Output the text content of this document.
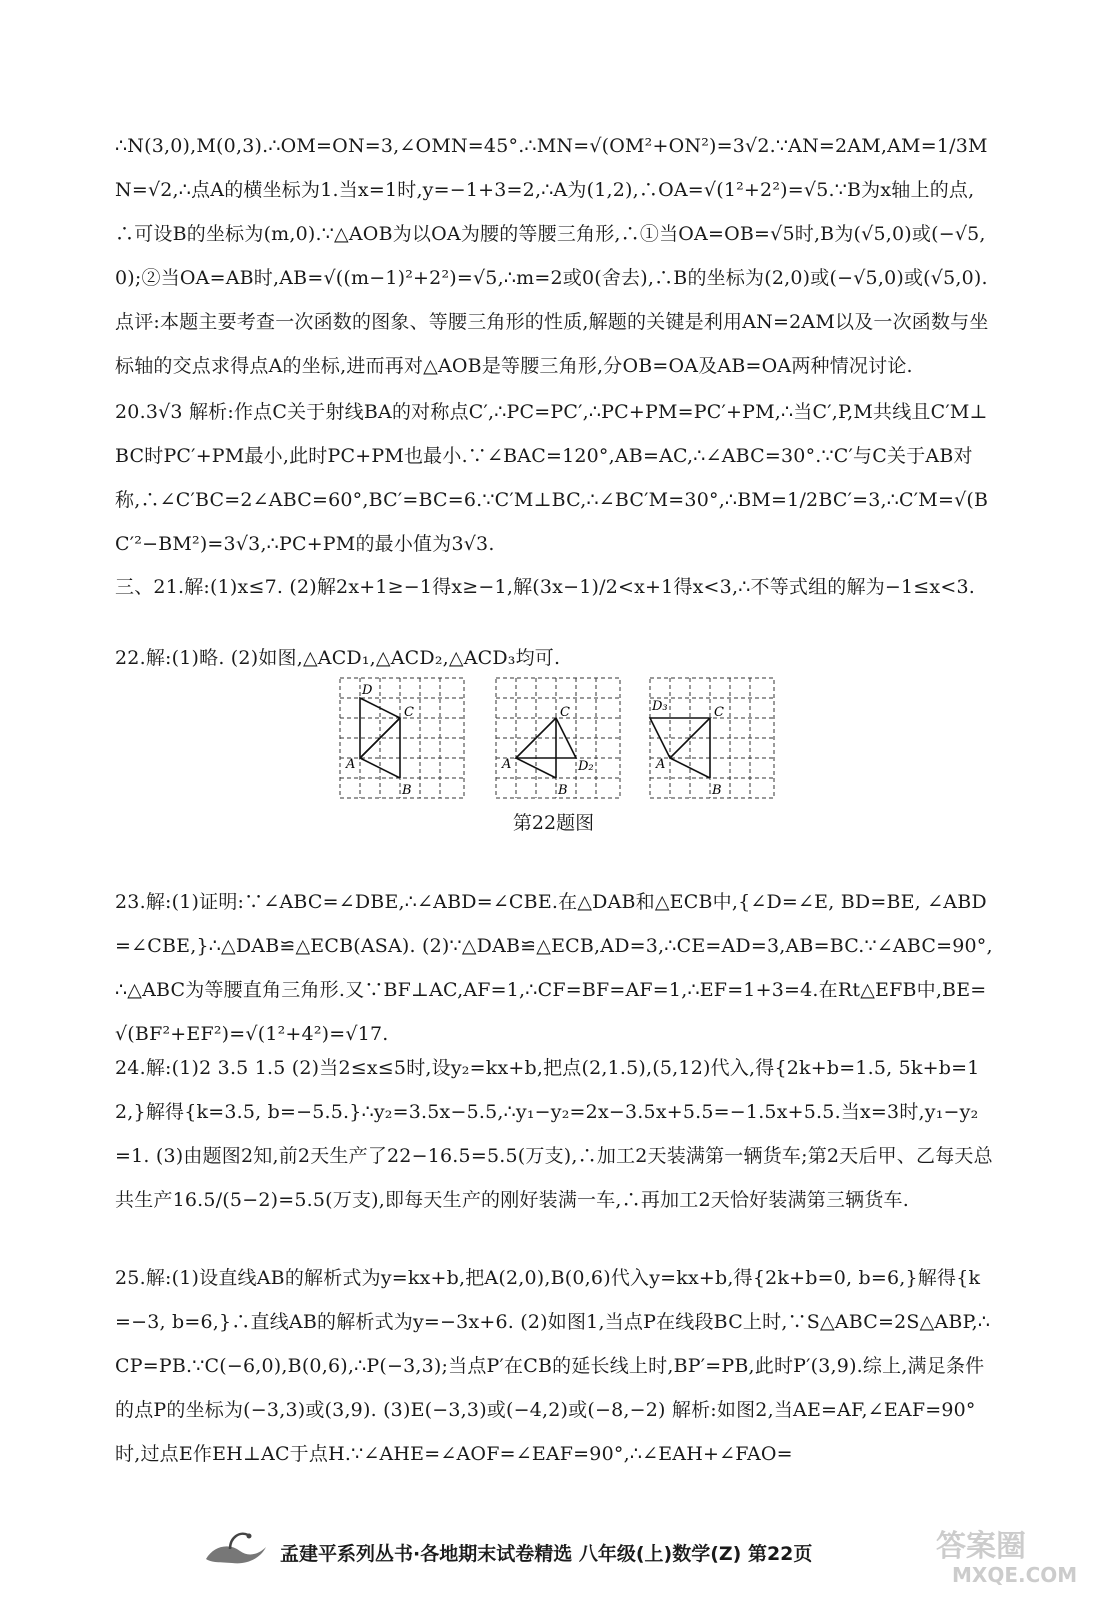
∴N(3,0),M(0,3).∴OM=ON=3,∠OMN=45°.∴MN=√(OM²+ON²)=3√2.∵AN=2AM,AM=1/3MN=√2,∴点A的横坐标为1.当x=1时,y=−1+3=2,∴A为(1,2),∴OA=√(1²+2²)=√5.∵B为x轴上的点,∴可设B的坐标为(m,0).∵△AOB为以OA为腰的等腰三角形,∴①当OA=OB=√5时,B为(√5,0)或(−√5,0);②当OA=AB时,AB=√((m−1)²+2²)=√5,∴m=2或0(舍去),∴B的坐标为(2,0)或(−√5,0)或(√5,0).点评:本题主要考查一次函数的图象、等腰三角形的性质,解题的关键是利用AN=2AM以及一次函数与坐标轴的交点求得点A的坐标,进而再对△AOB是等腰三角形,分OB=OA及AB=OA两种情况讨论.

20.3√3 解析:作点C关于射线BA的对称点C′,∴PC=PC′,∴PC+PM=PC′+PM,∴当C′,P,M共线且C′M⊥BC时PC′+PM最小,此时PC+PM也最小.∵∠BAC=120°,AB=AC,∴∠ABC=30°.∵C′与C关于AB对称,∴∠C′BC=2∠ABC=60°,BC′=BC=6.∵C′M⊥BC,∴∠BC′M=30°,∴BM=1/2BC′=3,∴C′M=√(BC′²−BM²)=3√3,∴PC+PM的最小值为3√3.

三、21.解:(1)x≤7. (2)解2x+1≥−1得x≥−1,解(3x−1)/2<x+1得x<3,∴不等式组的解为−1≤x<3.

22.解:(1)略. (2)如图,△ACD₁,△ACD₂,△ACD₃均可.

D
C
A
B
C
A	D₂
B
D₃	C
A
B
第22题图

23.解:(1)证明:∵∠ABC=∠DBE,∴∠ABD=∠CBE.在△DAB和△ECB中,{∠D=∠E, BD=BE, ∠ABD=∠CBE,}∴△DAB≌△ECB(ASA). (2)∵△DAB≌△ECB,AD=3,∴CE=AD=3,AB=BC.∵∠ABC=90°,∴△ABC为等腰直角三角形.又∵BF⊥AC,AF=1,∴CF=BF=AF=1,∴EF=1+3=4.在Rt△EFB中,BE=√(BF²+EF²)=√(1²+4²)=√17.

24.解:(1)2 3.5 1.5 (2)当2≤x≤5时,设y₂=kx+b,把点(2,1.5),(5,12)代入,得{2k+b=1.5, 5k+b=12,}解得{k=3.5, b=−5.5.}∴y₂=3.5x−5.5,∴y₁−y₂=2x−3.5x+5.5=−1.5x+5.5.当x=3时,y₁−y₂=1. (3)由题图2知,前2天生产了22−16.5=5.5(万支),∴加工2天装满第一辆货车;第2天后甲、乙每天总共生产16.5/(5−2)=5.5(万支),即每天生产的刚好装满一车,∴再加工2天恰好装满第三辆货车.

25.解:(1)设直线AB的解析式为y=kx+b,把A(2,0),B(0,6)代入y=kx+b,得{2k+b=0, b=6,}解得{k=−3, b=6,}∴直线AB的解析式为y=−3x+6. (2)如图1,当点P在线段BC上时,∵S△ABC=2S△ABP,∴CP=PB.∵C(−6,0),B(0,6),∴P(−3,3);当点P′在CB的延长线上时,BP′=PB,此时P′(3,9).综上,满足条件的点P的坐标为(−3,3)或(3,9). (3)E(−3,3)或(−4,2)或(−8,−2) 解析:如图2,当AE=AF,∠EAF=90°时,过点E作EH⊥AC于点H.∵∠AHE=∠AOF=∠EAF=90°,∴∠EAH+∠FAO=

孟建平系列丛书·各地期末试卷精选 八年级(上)数学(Z) 第22页	答案圈
MXQE.COM
